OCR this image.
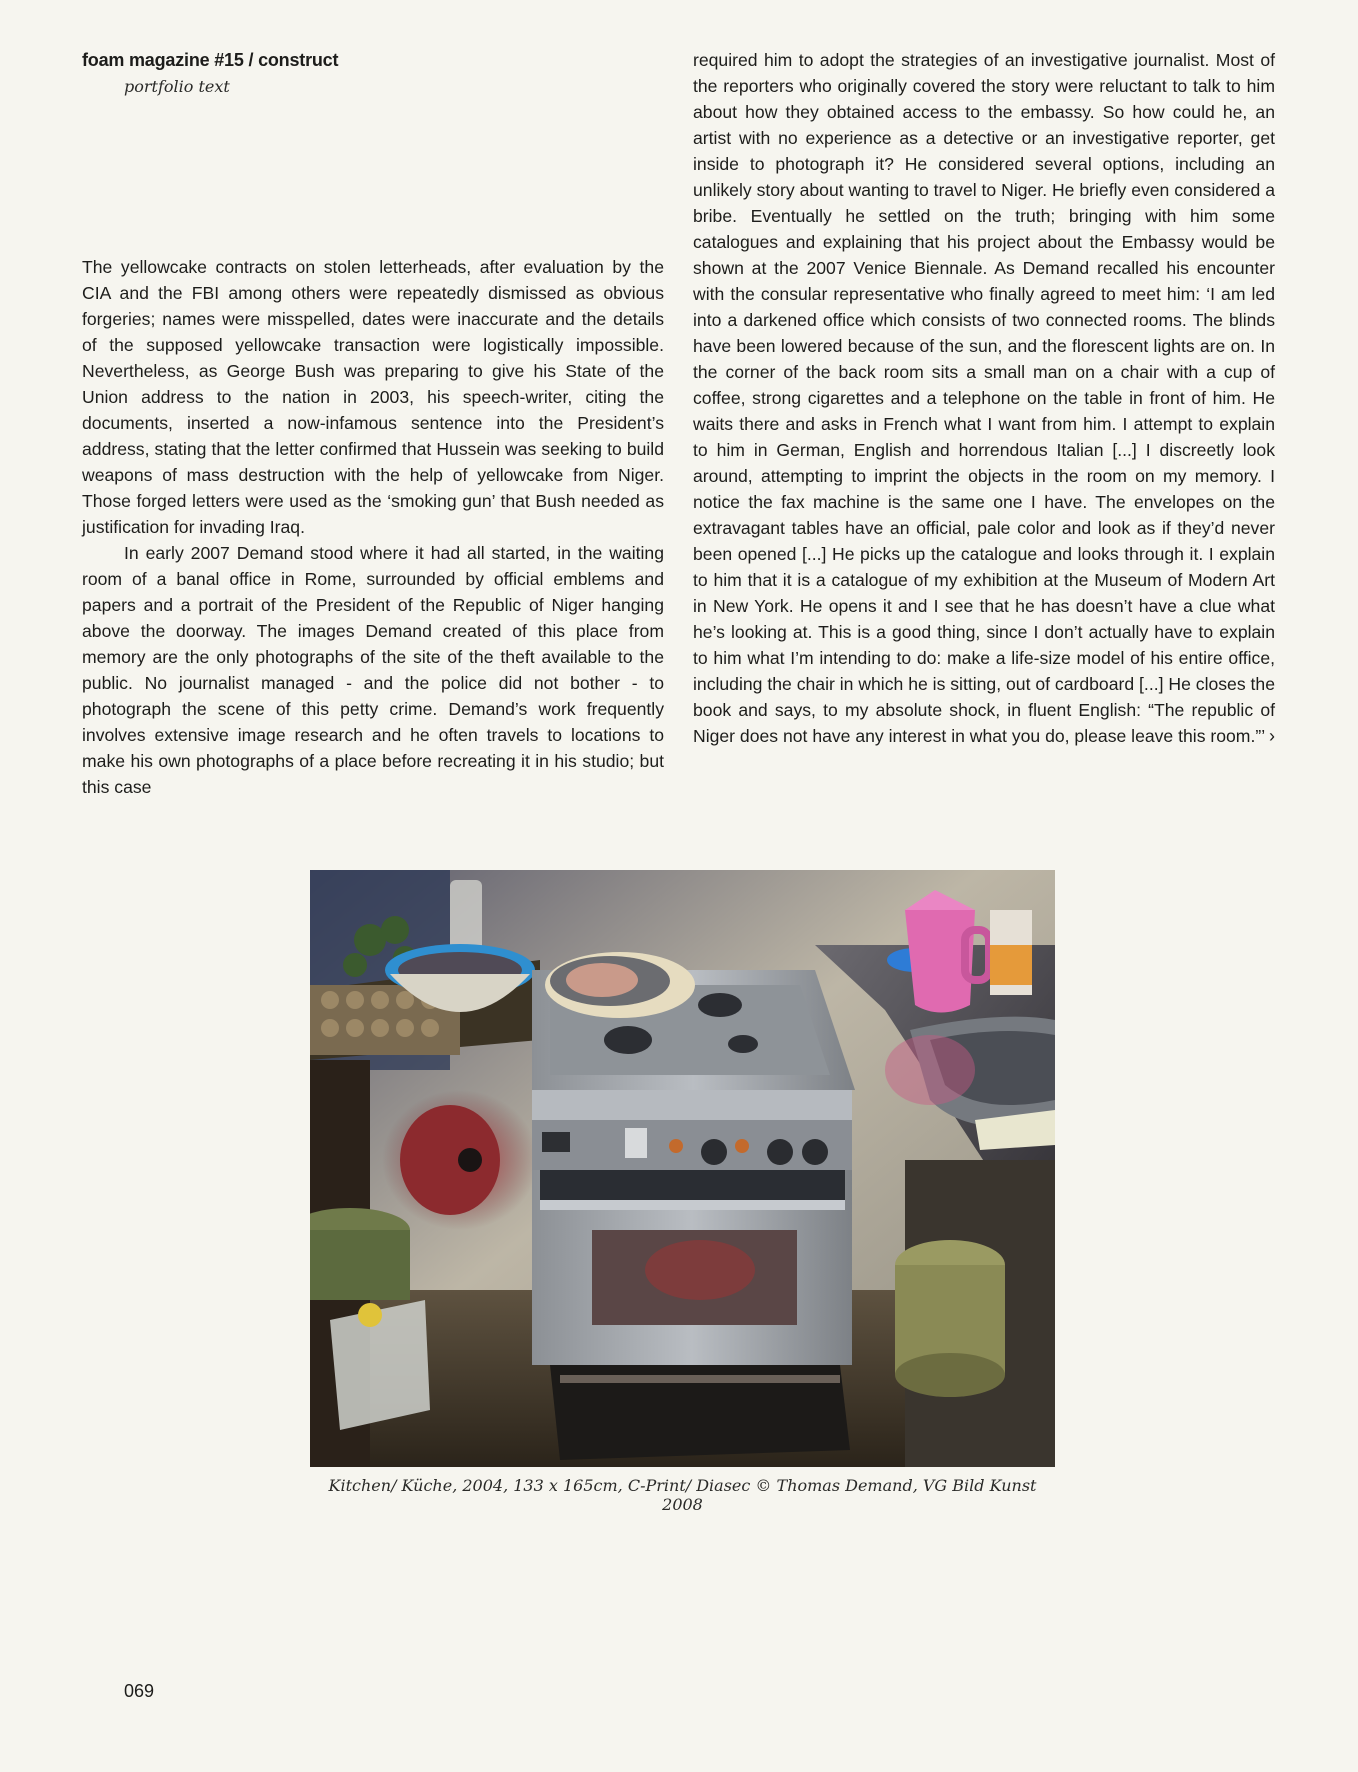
foam magazine #15 / construct
portfolio text

The yellowcake contracts on stolen letterheads, after evaluation by the CIA and the FBI among others were repeatedly dismissed as obvious forgeries; names were misspelled, dates were inaccurate and the details of the supposed yellowcake transaction were logistically impossible. Nevertheless, as George Bush was preparing to give his State of the Union address to the nation in 2003, his speech-writer, citing the documents, inserted a now-infamous sentence into the President’s address, stating that the letter confirmed that Hussein was seeking to build weapons of mass destruction with the help of yellowcake from Niger. Those forged letters were used as the ‘smoking gun’ that Bush needed as justification for invading Iraq.

In early 2007 Demand stood where it had all started, in the waiting room of a banal office in Rome, surrounded by official emblems and papers and a portrait of the President of the Republic of Niger hanging above the doorway. The images Demand created of this place from memory are the only photographs of the site of the theft available to the public. No journalist managed - and the police did not bother - to photograph the scene of this petty crime. Demand’s work frequently involves extensive image research and he often travels to locations to make his own photographs of a place before recreating it in his studio; but this case

required him to adopt the strategies of an investigative journalist. Most of the reporters who originally covered the story were reluctant to talk to him about how they obtained access to the embassy. So how could he, an artist with no experience as a detective or an investigative reporter, get inside to photograph it? He considered several options, including an unlikely story about wanting to travel to Niger. He briefly even considered a bribe. Eventually he settled on the truth; bringing with him some catalogues and explaining that his project about the Embassy would be shown at the 2007 Venice Biennale. As Demand recalled his encounter with the consular representative who finally agreed to meet him: ‘I am led into a darkened office which consists of two connected rooms. The blinds have been lowered because of the sun, and the florescent lights are on. In the corner of the back room sits a small man on a chair with a cup of coffee, strong cigarettes and a telephone on the table in front of him. He waits there and asks in French what I want from him. I attempt to explain to him in German, English and horrendous Italian [...] I discreetly look around, attempting to imprint the objects in the room on my memory. I notice the fax machine is the same one I have. The envelopes on the extravagant tables have an official, pale color and look as if they’d never been opened [...] He picks up the catalogue and looks through it. I explain to him that it is a catalogue of my exhibition at the Museum of Modern Art in New York. He opens it and I see that he has doesn’t have a clue what he’s looking at. This is a good thing, since I don’t actually have to explain to him what I’m intending to do: make a life-size model of his entire office, including the chair in which he is sitting, out of cardboard [...] He closes the book and says, to my absolute shock, in fluent English: “The republic of Niger does not have any interest in what you do, please leave this room.”’ ›

Kitchen/ Küche, 2004, 133 x 165cm, C-Print/ Diasec © Thomas Demand, VG Bild Kunst 2008

069
